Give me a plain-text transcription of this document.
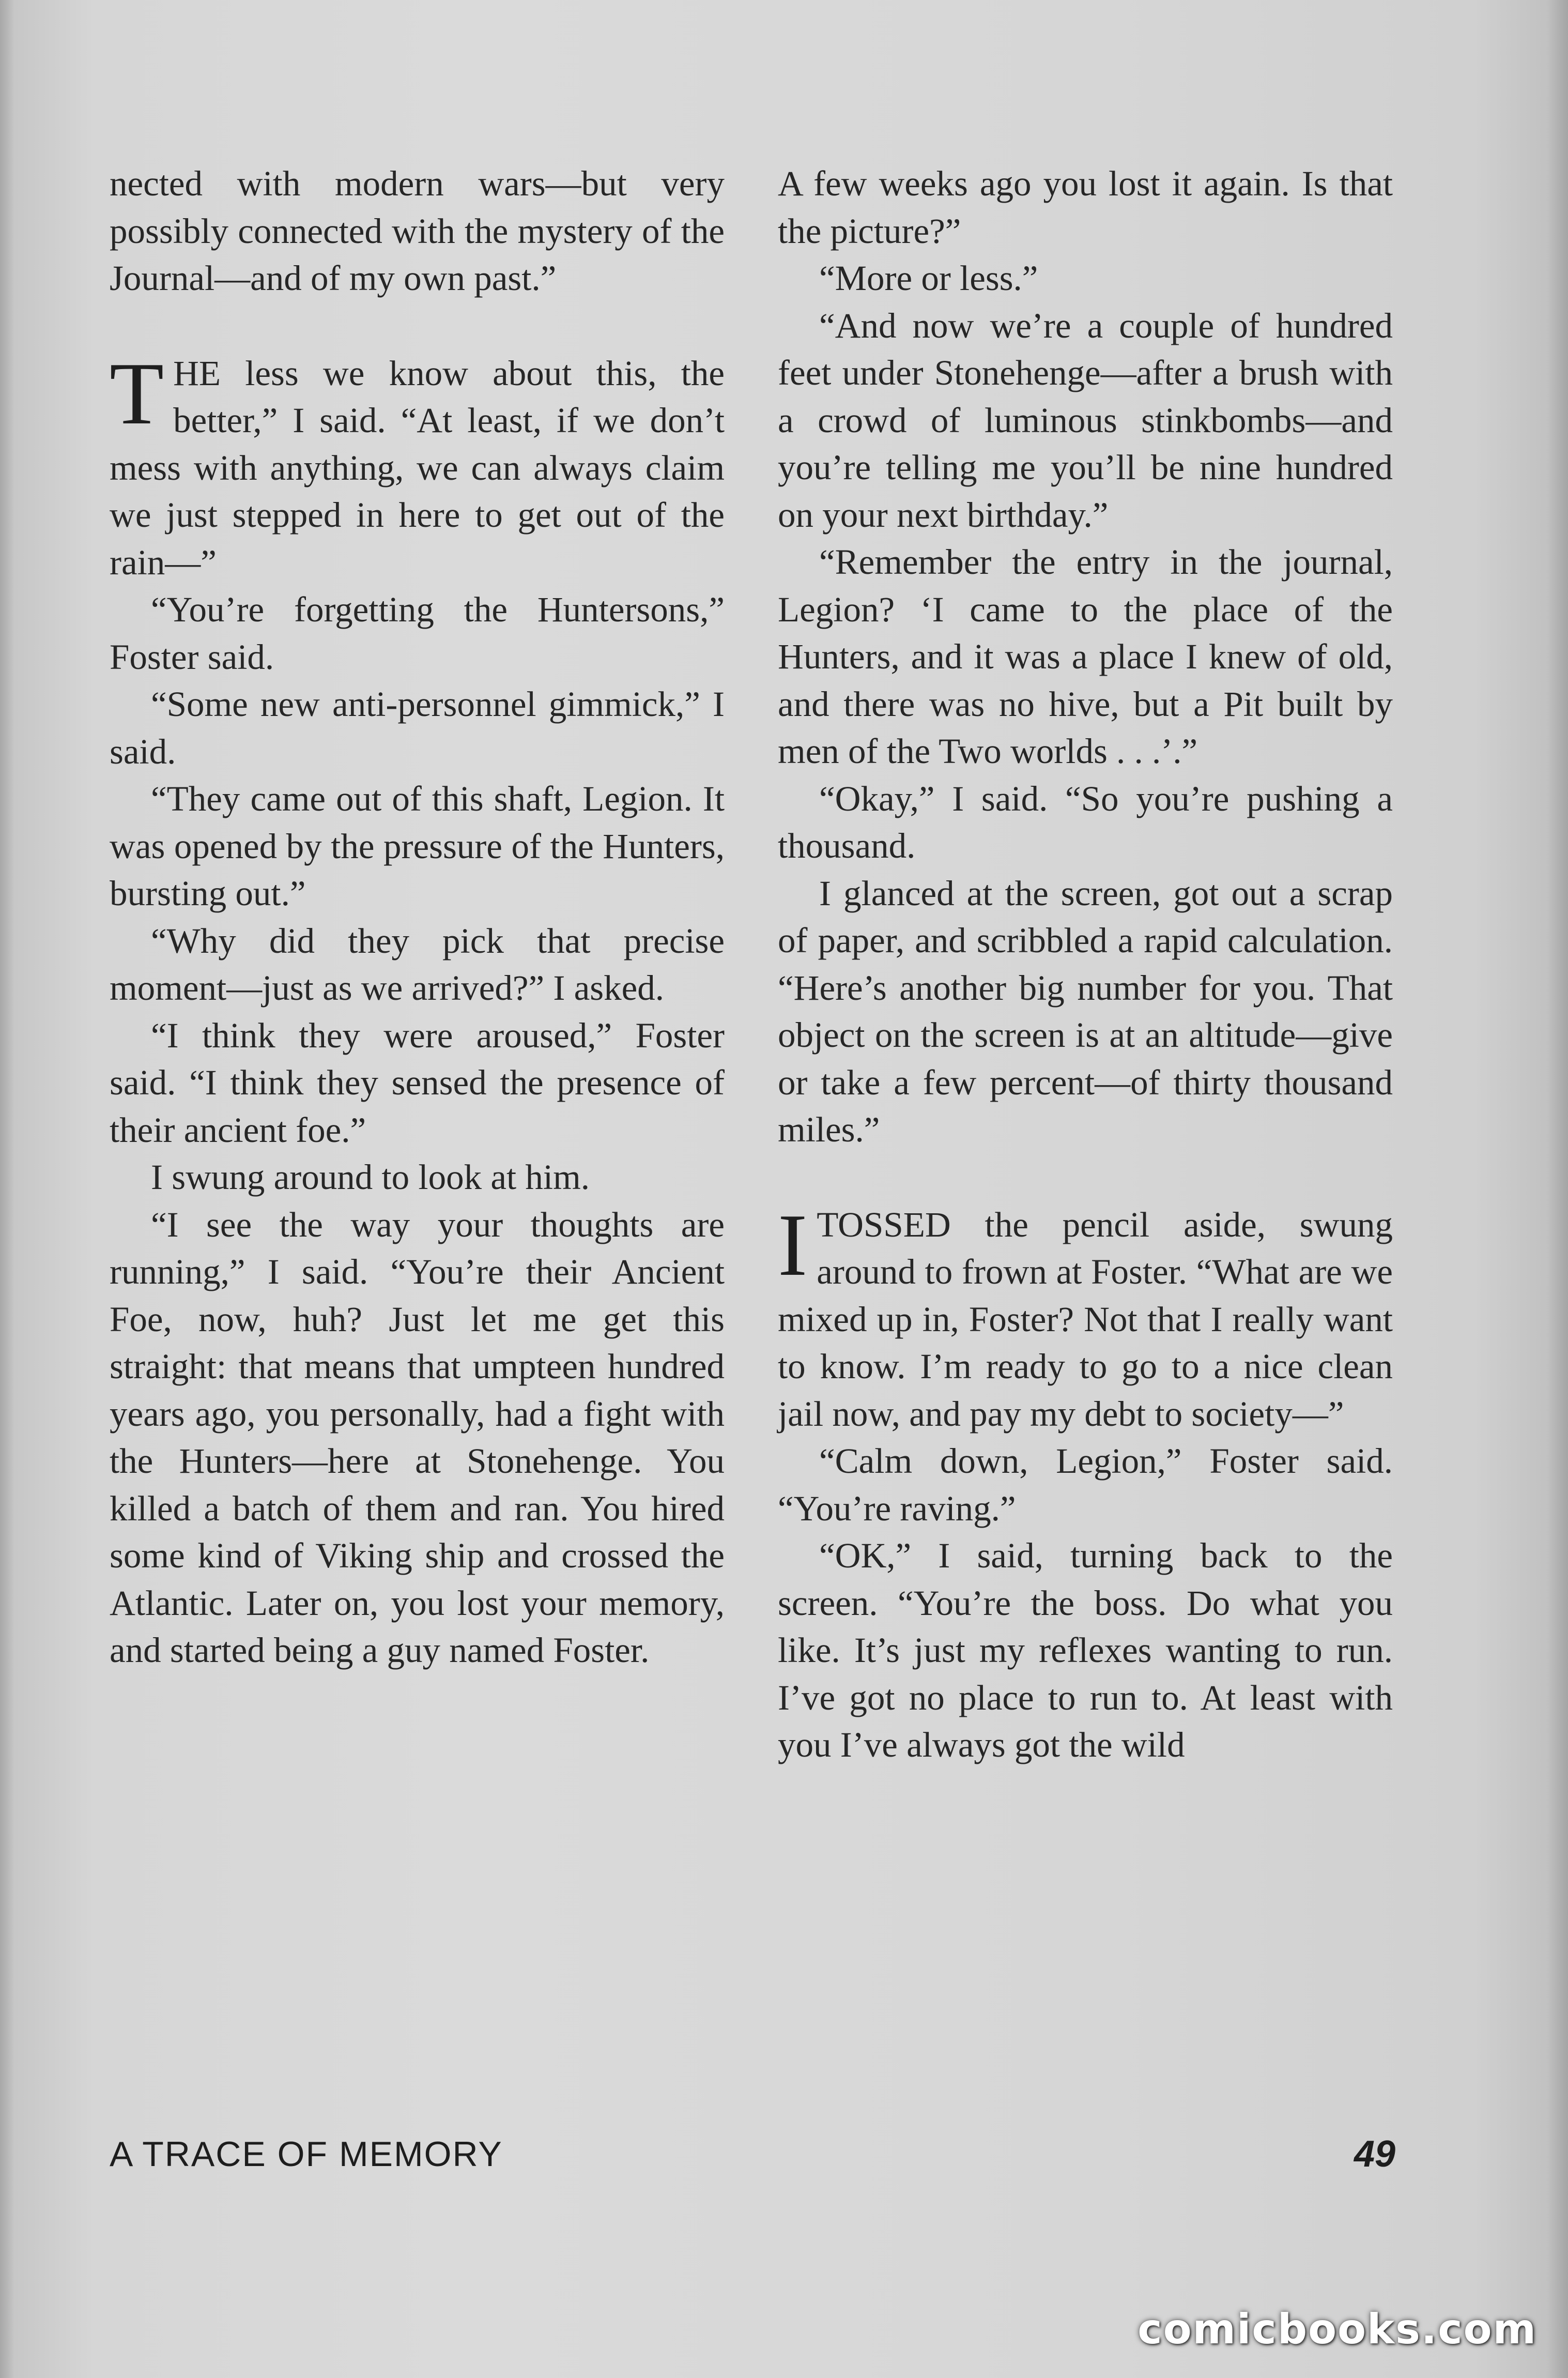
nected with modern wars—but very possibly connected with the mystery of the Journal—and of my own past.”

THE less we know about this, the better,” I said. “At least, if we don’t mess with anything, we can always claim we just stepped in here to get out of the rain—”

“You’re forgetting the Huntersons,” Foster said.

“Some new anti-personnel gimmick,” I said.

“They came out of this shaft, Legion. It was opened by the pressure of the Hunters, bursting out.”

“Why did they pick that precise moment—just as we arrived?” I asked.

“I think they were aroused,” Foster said. “I think they sensed the presence of their ancient foe.”

I swung around to look at him.

“I see the way your thoughts are running,” I said. “You’re their Ancient Foe, now, huh? Just let me get this straight: that means that umpteen hundred years ago, you personally, had a fight with the Hunters—here at Stonehenge. You killed a batch of them and ran. You hired some kind of Viking ship and crossed the Atlantic. Later on, you lost your memory, and started being a guy named Foster.

A few weeks ago you lost it again. Is that the picture?”

“More or less.”

“And now we’re a couple of hundred feet under Stonehenge—after a brush with a crowd of luminous stinkbombs—and you’re telling me you’ll be nine hundred on your next birthday.”

“Remember the entry in the journal, Legion? ‘I came to the place of the Hunters, and it was a place I knew of old, and there was no hive, but a Pit built by men of the Two worlds . . .’.”

“Okay,” I said. “So you’re pushing a thousand.

I glanced at the screen, got out a scrap of paper, and scribbled a rapid calculation. “Here’s another big number for you. That object on the screen is at an altitude—give or take a few percent—of thirty thousand miles.”

ITOSSED the pencil aside, swung around to frown at Foster. “What are we mixed up in, Foster? Not that I really want to know. I’m ready to go to a nice clean jail now, and pay my debt to society—”

“Calm down, Legion,” Foster said. “You’re raving.”

“OK,” I said, turning back to the screen. “You’re the boss. Do what you like. It’s just my reflexes wanting to run. I’ve got no place to run to. At least with you I’ve always got the wild

A TRACE OF MEMORY	49
comicbooks.com
